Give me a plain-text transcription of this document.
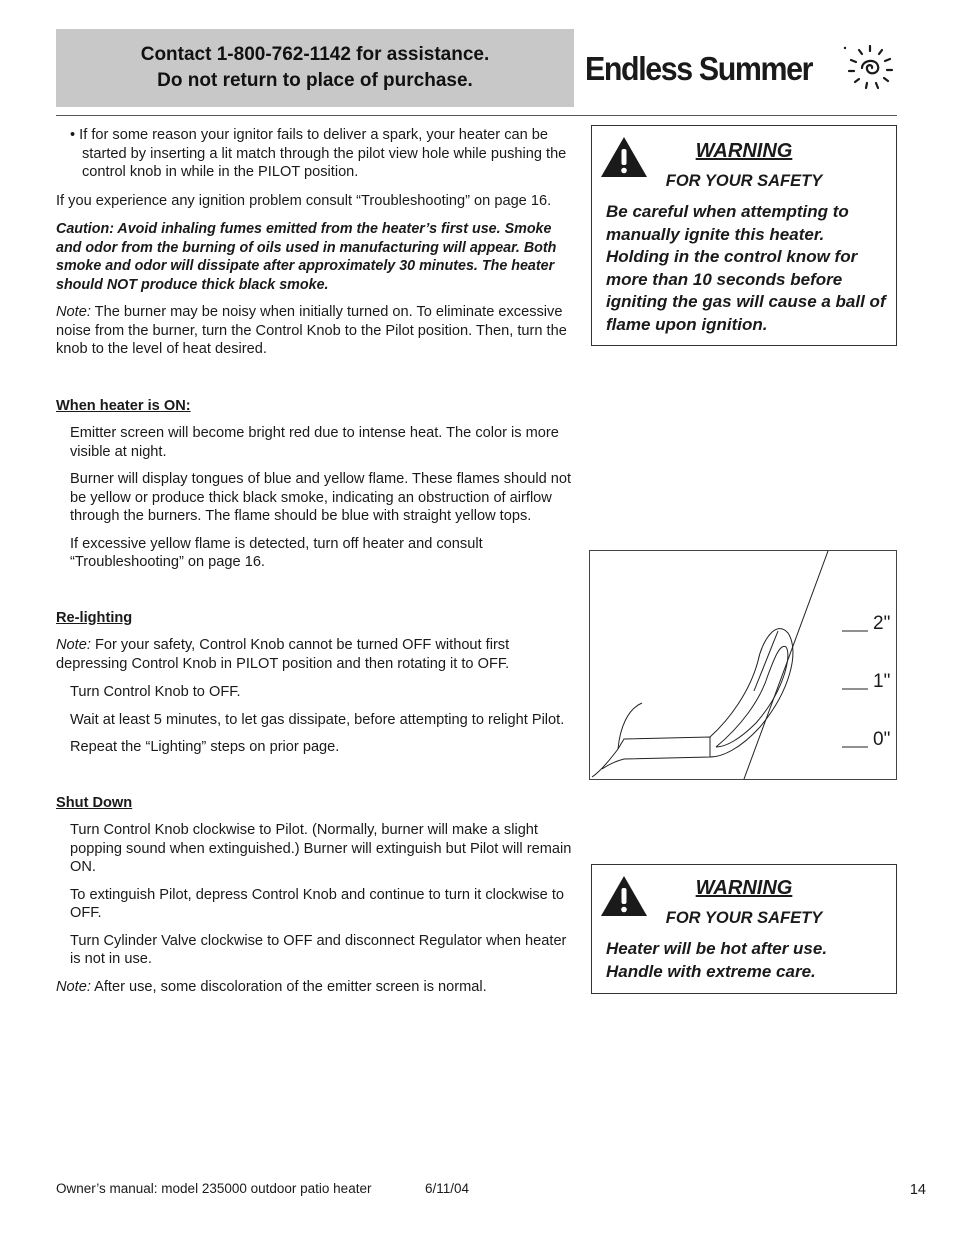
Contact 1-800-762-1142 for assistance.
Do not return to place of purchase.	Endless Summer

• If for some reason your ignitor fails to deliver a spark, your heater can be started by inserting a lit match through the pilot view hole while pushing the control knob in while in the PILOT position.

If you experience any ignition problem consult “Troubleshooting” on page 16.

Caution: Avoid inhaling fumes emitted from the heater’s first use. Smoke and odor from the burning of oils used in manufacturing will appear. Both smoke and odor will dissipate after approximately 30 minutes. The heater should NOT produce thick black smoke.

Note: The burner may be noisy when initially turned on. To eliminate excessive noise from the burner, turn the Control Knob to the Pilot position. Then, turn the knob to the level of heat desired.

When heater is ON:

Emitter screen will become bright red due to intense heat. The color is more visible at night.

Burner will display tongues of blue and yellow flame. These flames should not be yellow or produce thick black smoke, indicating an obstruction of airflow through the burners. The flame should be blue with straight yellow tops.

If excessive yellow flame is detected, turn off heater and consult “Troubleshooting” on page 16.

Re-lighting

Note: For your safety, Control Knob cannot be turned OFF without first depressing Control Knob in PILOT position and then rotating it to OFF.

Turn Control Knob to OFF.

Wait at least 5 minutes, to let gas dissipate, before attempting to relight Pilot.

Repeat the “Lighting” steps on prior page.

Shut Down

Turn Control Knob clockwise to Pilot. (Normally, burner will make a slight popping sound when extinguished.) Burner will extinguish but Pilot will remain ON.

To extinguish Pilot, depress Control Knob and continue to turn it clockwise to OFF.

Turn Cylinder Valve clockwise to OFF and disconnect Regulator when heater is not in use.

Note: After use, some discoloration of the emitter screen is normal.

WARNING
FOR YOUR SAFETY
Be careful when attempting to manually ignite this heater. Holding in the control know for more than 10 seconds before igniting the gas will cause a ball of flame upon ignition.
2"
1"
0"
WARNING
FOR YOUR SAFETY
Heater will be hot after use. Handle with extreme care.
Owner’s manual: model 235000 outdoor patio heater	6/11/04	14
